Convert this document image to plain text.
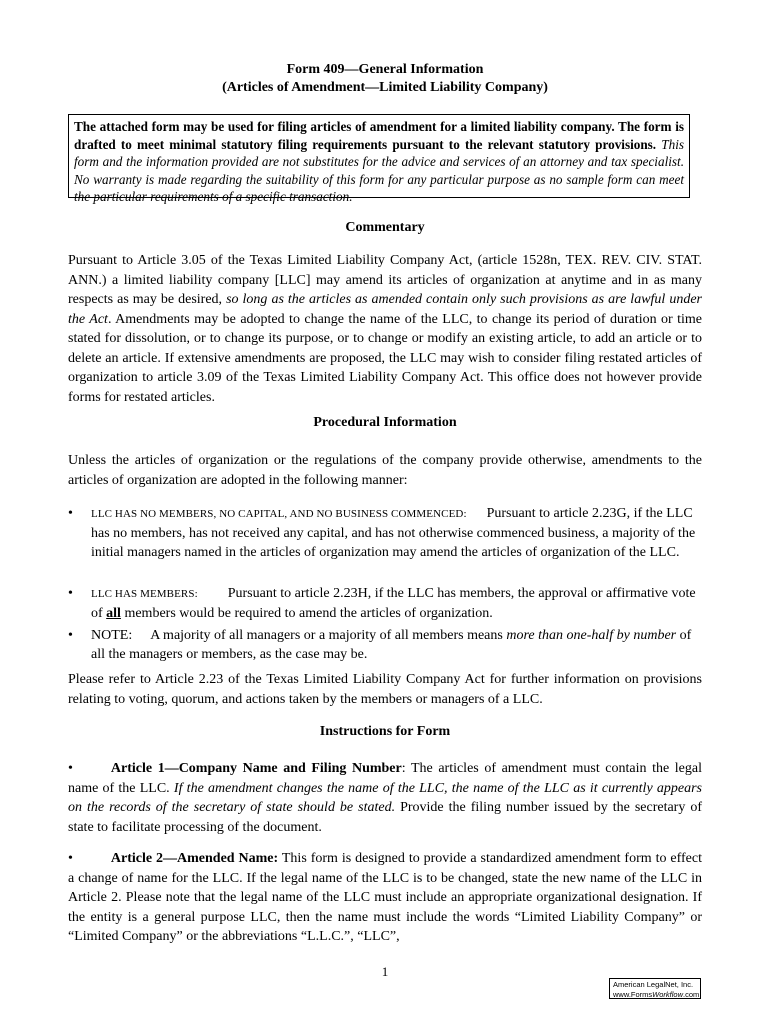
Form 409—General Information
(Articles of Amendment—Limited Liability Company)
The attached form may be used for filing articles of amendment for a limited liability company. The form is drafted to meet minimal statutory filing requirements pursuant to the relevant statutory provisions. This form and the information provided are not substitutes for the advice and services of an attorney and tax specialist. No warranty is made regarding the suitability of this form for any particular purpose as no sample form can meet the particular requirements of a specific transaction.
Commentary
Pursuant to Article 3.05 of the Texas Limited Liability Company Act, (article 1528n, TEX. REV. CIV. STAT. ANN.) a limited liability company [LLC] may amend its articles of organization at anytime and in as many respects as may be desired, so long as the articles as amended contain only such provisions as are lawful under the Act. Amendments may be adopted to change the name of the LLC, to change its period of duration or time stated for dissolution, or to change its purpose, or to change or modify an existing article, to add an article or to delete an article. If extensive amendments are proposed, the LLC may wish to consider filing restated articles of organization to article 3.09 of the Texas Limited Liability Company Act. This office does not however provide forms for restated articles.
Procedural Information
Unless the articles of organization or the regulations of the company provide otherwise, amendments to the articles of organization are adopted in the following manner:
• LLC HAS NO MEMBERS, NO CAPITAL, AND NO BUSINESS COMMENCED: Pursuant to article 2.23G, if the LLC has no members, has not received any capital, and has not otherwise commenced business, a majority of the initial managers named in the articles of organization may amend the articles of organization of the LLC.
• LLC HAS MEMBERS: Pursuant to article 2.23H, if the LLC has members, the approval or affirmative vote of all members would be required to amend the articles of organization.
• NOTE: A majority of all managers or a majority of all members means more than one-half by number of all the managers or members, as the case may be.
Please refer to Article 2.23 of the Texas Limited Liability Company Act for further information on provisions relating to voting, quorum, and actions taken by the members or managers of a LLC.
Instructions for Form
•	Article 1—Company Name and Filing Number: The articles of amendment must contain the legal name of the LLC. If the amendment changes the name of the LLC, the name of the LLC as it currently appears on the records of the secretary of state should be stated. Provide the filing number issued by the secretary of state to facilitate processing of the document.
•	Article 2—Amended Name: This form is designed to provide a standardized amendment form to effect a change of name for the LLC. If the legal name of the LLC is to be changed, state the new name of the LLC in Article 2. Please note that the legal name of the LLC must include an appropriate organizational designation. If the entity is a general purpose LLC, then the name must include the words “Limited Liability Company” or “Limited Company” or the abbreviations “L.L.C.”, “LLC”,
1
American LegalNet, Inc.
www.FormsWorkflow.com
